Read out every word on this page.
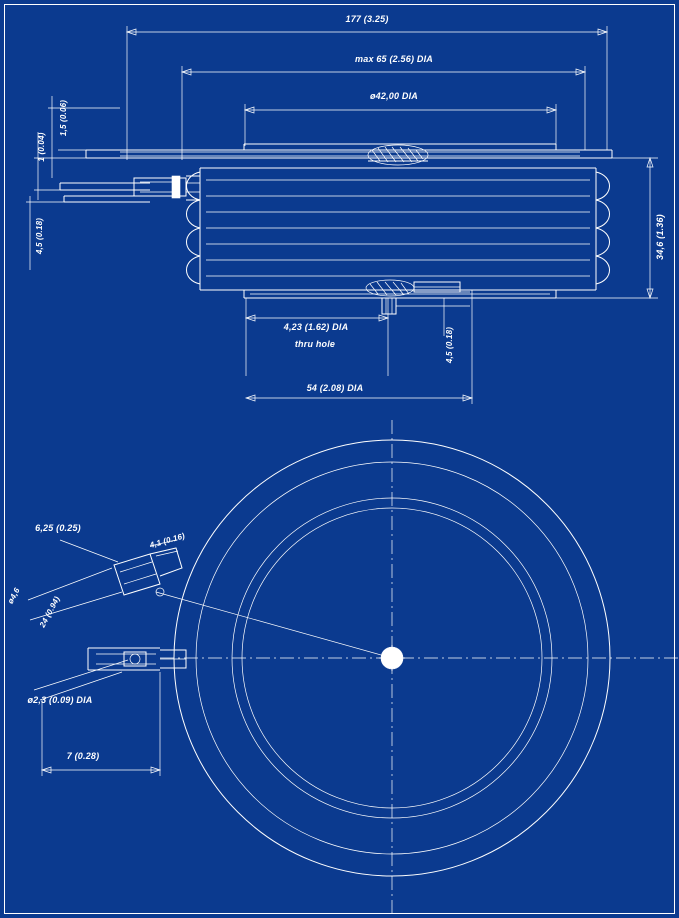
177 (3.25)
max 65 (2.56) DIA
ø42,00 DIA
1 (0.04)
1,5 (0.06)
4,5 (0.18)	34,6 (1.36)
4,23 (1.62) DIA
thru hole	4,5 (0.18)
54 (2.08) DIA
6,25 (0.25)
4,1 (0.16)
ø4,6 24 (0.94)
ø2,3 (0.09) DIA
7 (0.28)
